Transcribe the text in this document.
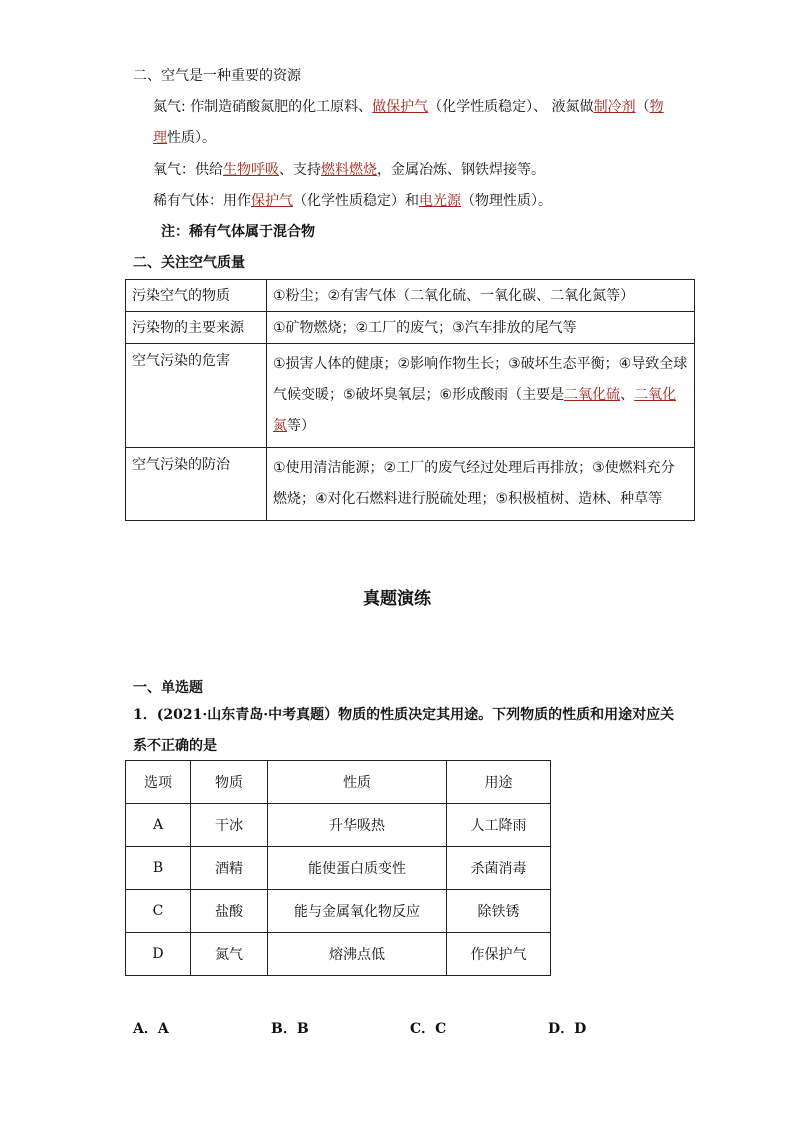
二、空气是一种重要的资源
氮气: 作制造硝酸氮肥的化工原料、做保护气（化学性质稳定）、 液氮做制冷剂（物
理性质）。
氧气：供给生物呼吸、支持燃料燃烧，金属冶炼、钢铁焊接等。
稀有气体：用作保护气（化学性质稳定）和电光源（物理性质）。
注：稀有气体属于混合物
二、关注空气质量
污染空气的物质	①粉尘；②有害气体（二氧化硫、一氧化碳、二氧化氮等）
污染物的主要来源	①矿物燃烧；②工厂的废气；③汽车排放的尾气等
空气污染的危害	①损害人体的健康；②影响作物生长；③破坏生态平衡；④导致全球气候变暖；⑤破坏臭氧层；⑥形成酸雨（主要是二氧化硫、二氧化氮等）
空气污染的防治	①使用清洁能源；②工厂的废气经过处理后再排放；③使燃料充分燃烧；④对化石燃料进行脱硫处理；⑤积极植树、造林、种草等
真题演练
一、单选题
1．(2021·山东青岛·中考真题）物质的性质决定其用途。下列物质的性质和用途对应关
系不正确的是
选项	物质	性质	用途
A	干冰	升华吸热	人工降雨
B	酒精	能使蛋白质变性	杀菌消毒
C	盐酸	能与金属氧化物反应	除铁锈
D	氮气	熔沸点低	作保护气
A．A	B．B	C．C	D．D
